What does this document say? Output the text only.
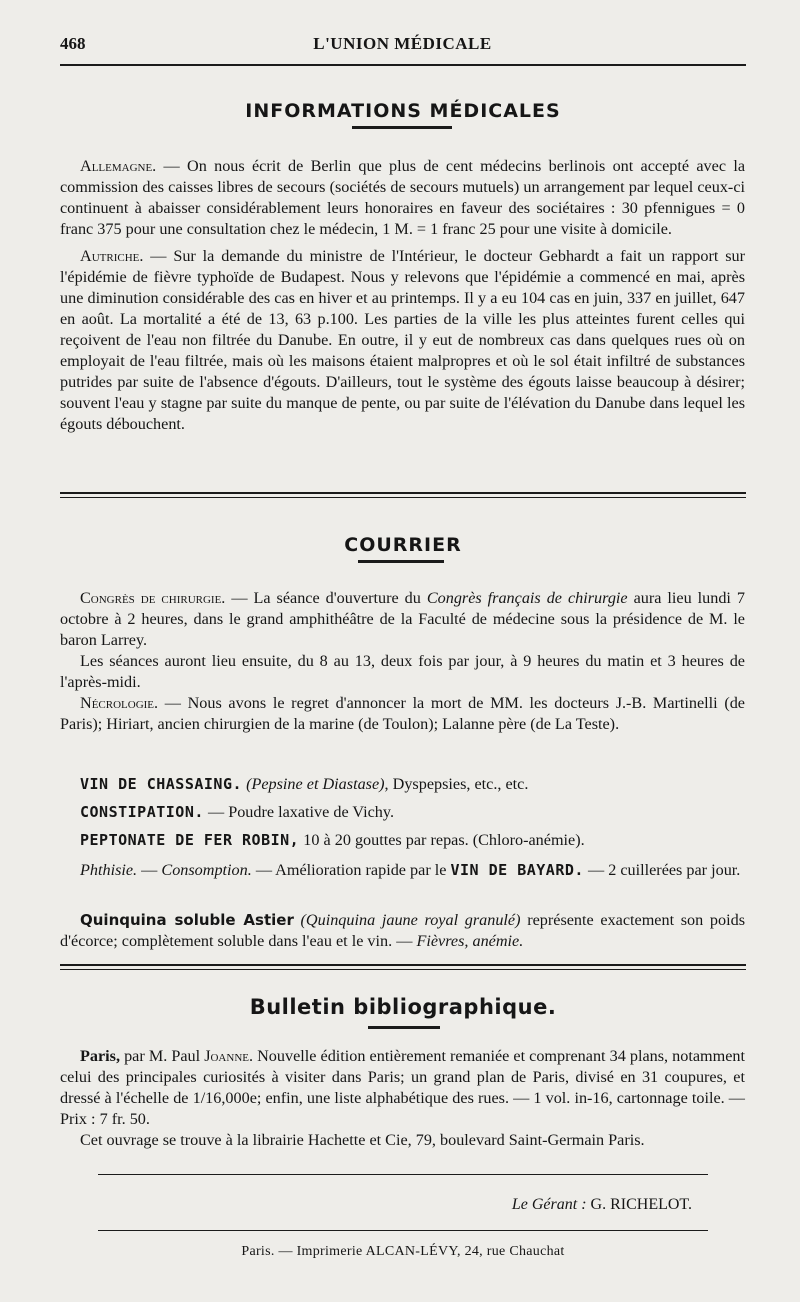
468	L'UNION MÉDICALE
INFORMATIONS MÉDICALES

Allemagne. — On nous écrit de Berlin que plus de cent médecins berlinois ont accepté avec la commission des caisses libres de secours (sociétés de secours mutuels) un arrangement par lequel ceux-ci continuent à abaisser considérablement leurs honoraires en faveur des sociétaires : 30 pfennigues = 0 franc 375 pour une consultation chez le médecin, 1 M. = 1 franc 25 pour une visite à domicile.

Autriche. — Sur la demande du ministre de l'Intérieur, le docteur Gebhardt a fait un rapport sur l'épidémie de fièvre typhoïde de Budapest. Nous y relevons que l'épidémie a commencé en mai, après une diminution considérable des cas en hiver et au printemps. Il y a eu 104 cas en juin, 337 en juillet, 647 en août. La mortalité a été de 13, 63 p.100. Les parties de la ville les plus atteintes furent celles qui reçoivent de l'eau non filtrée du Danube. En outre, il y eut de nombreux cas dans quelques rues où on employait de l'eau filtrée, mais où les maisons étaient malpropres et où le sol était infiltré de substances putrides par suite de l'absence d'égouts. D'ailleurs, tout le système des égouts laisse beaucoup à désirer; souvent l'eau y stagne par suite du manque de pente, ou par suite de l'élévation du Danube dans lequel les égouts débouchent.

COURRIER

Congrès de chirurgie. — La séance d'ouverture du Congrès français de chirurgie aura lieu lundi 7 octobre à 2 heures, dans le grand amphithéâtre de la Faculté de médecine sous la présidence de M. le baron Larrey.

Les séances auront lieu ensuite, du 8 au 13, deux fois par jour, à 9 heures du matin et 3 heures de l'après-midi.

Nécrologie. — Nous avons le regret d'annoncer la mort de MM. les docteurs J.-B. Martinelli (de Paris); Hiriart, ancien chirurgien de la marine (de Toulon); Lalanne père (de La Teste).

VIN DE CHASSAING. (Pepsine et Diastase), Dyspepsies, etc., etc.
CONSTIPATION. — Poudre laxative de Vichy.
PEPTONATE DE FER ROBIN, 10 à 20 gouttes par repas. (Chloro-anémie).
Phthisie. — Consomption. — Amélioration rapide par le VIN DE BAYARD. — 2 cuillerées par jour.
Quinquina soluble Astier (Quinquina jaune royal granulé) représente exactement son poids d'écorce; complètement soluble dans l'eau et le vin. — Fièvres, anémie.
Bulletin bibliographique.

Paris, par M. Paul Joanne. Nouvelle édition entièrement remaniée et comprenant 34 plans, notamment celui des principales curiosités à visiter dans Paris; un grand plan de Paris, divisé en 31 coupures, et dressé à l'échelle de 1/16,000e; enfin, une liste alphabétique des rues. — 1 vol. in-16, cartonnage toile. — Prix : 7 fr. 50.

Cet ouvrage se trouve à la librairie Hachette et Cie, 79, boulevard Saint-Germain Paris.

Le Gérant : G. RICHELOT.
Paris. — Imprimerie ALCAN-LÉVY, 24, rue Chauchat
